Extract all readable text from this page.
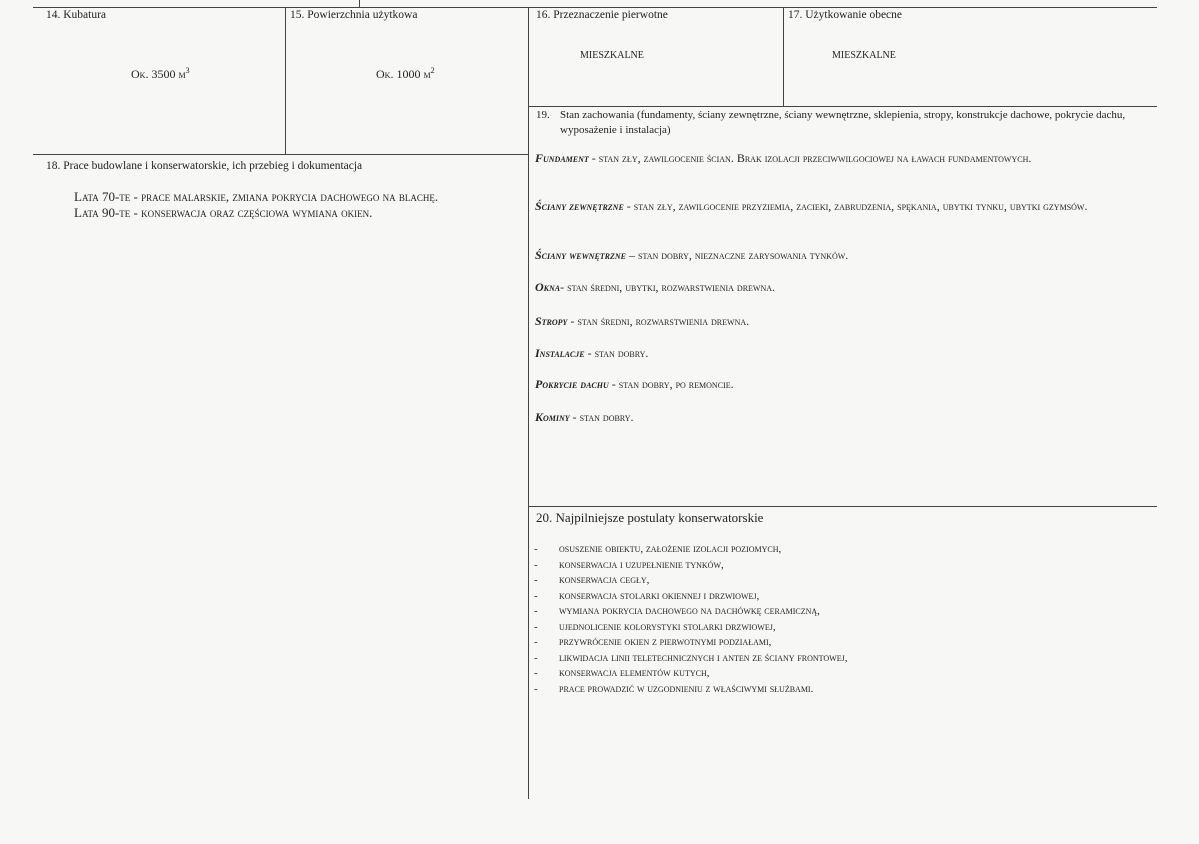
14. Kubatura
Ok. 3500 $m^3$
15. Powierzchnia użytkowa
Ok. 1000 $m^2$
16. Przeznaczenie pierwotne
MIESZKALNE
17. Użytkowanie obecne
MIESZKALNE
18. Prace budowlane i konserwatorskie, ich przebieg i dokumentacja
Lata 70-te - prace malarskie, zmiana pokrycia dachowego na blachę.
Lata 90-te - konserwacja oraz częściowa wymiana okien.
19. Stan zachowania (fundamenty, ściany zewnętrzne, ściany wewnętrzne, sklepienia, stropy, konstrukcje dachowe, pokrycie dachu, wyposażenie i instalacja)
Fundament - stan zły, zawilgocenie ścian. Brak izolacji przeciwwilgociowej na ławach fundamentowych.
Ściany zewnętrzne - stan zły, zawilgocenie przyziemia, zacieki, zabrudzenia, spękania, ubytki tynku, ubytki gzymsów.
Ściany wewnętrzne – stan dobry, nieznaczne zarysowania tynków.
Okna- stan średni, ubytki, rozwarstwienia drewna.
Stropy - stan średni, rozwarstwienia drewna.
Instalacje - stan dobry.
Pokrycie dachu - stan dobry, po remoncie.
Kominy - stan dobry.
20. Najpilniejsze postulaty konserwatorskie
- osuszenie obiektu, założenie izolacji poziomych,
- konserwacja i uzupełnienie tynków,
- konserwacja cegły,
- konserwacja stolarki okiennej i drzwiowej,
- wymiana pokrycia dachowego na dachówkę ceramiczną,
- ujednolicenie kolorystyki stolarki drzwiowej,
- przywrócenie okien z pierwotnymi podziałami,
- likwidacja linii teletechnicznych i anten ze ściany frontowej,
- konserwacja elementów kutych,
- prace prowadzić w uzgodnieniu z właściwymi służbami.
